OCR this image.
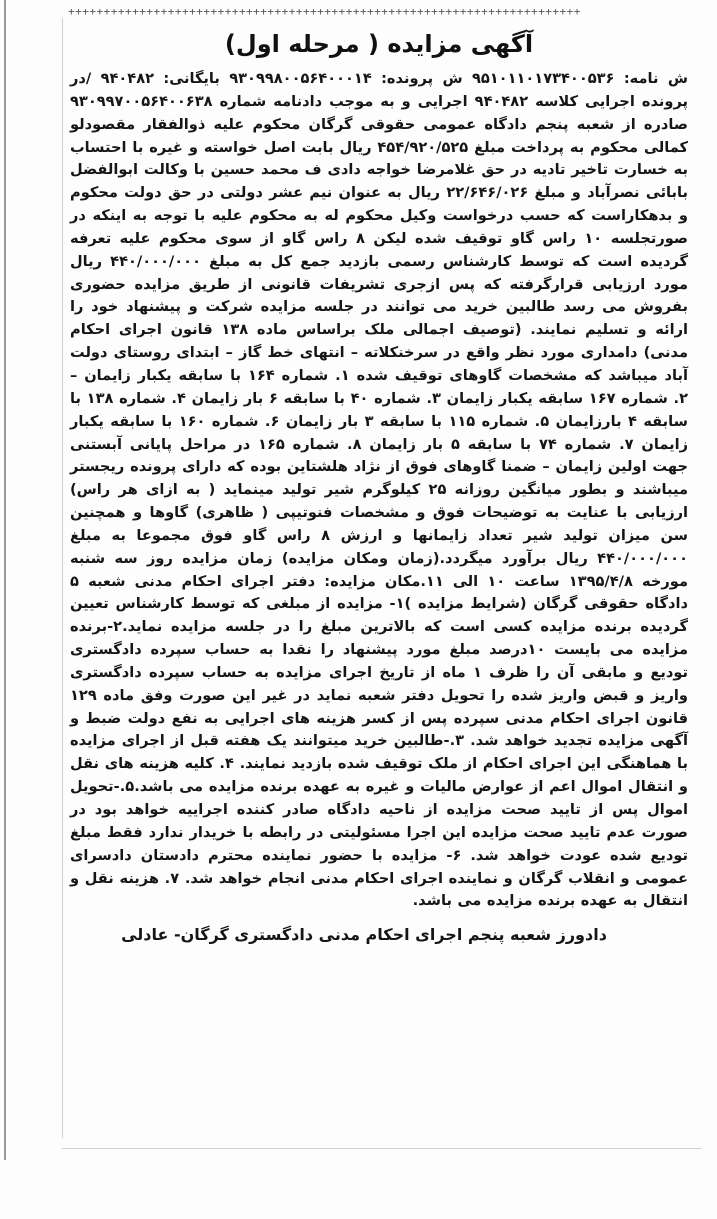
++++++++++++++++++++++++++++++++++++++++++++++++++++++++++++++++++++++++
آگهی مزایده ( مرحله اول)

ش نامه: ۹۵۱۰۱۱۰۱۷۳۴۰۰۵۳۶ ش پرونده: ۹۳۰۹۹۸۰۰۵۶۴۰۰۰۱۴ بایگانی: ۹۴۰۴۸۲ /در پرونده اجرایی کلاسه ۹۴۰۴۸۲ اجرایی و به موجب دادنامه شماره ۹۳۰۹۹۷۰۰۵۶۴۰۰۶۳۸ صادره از شعبه پنجم دادگاه عمومی حقوقی گرگان محکوم علیه ذوالفقار مقصودلو کمالی محکوم به پرداخت مبلغ ۴۵۴/۹۲۰/۵۲۵ ریال بابت اصل خواسته و غیره با احتساب به خسارت تاخیر تادیه در حق غلامرضا خواجه دادی ف محمد حسین با وکالت ابوالفضل بابائی نصرآباد و مبلغ ۲۲/۶۴۶/۰۲۶ ریال به عنوان نیم عشر دولتی در حق دولت محکوم و بدهکاراست که حسب درخواست وکیل محکوم له به محکوم علیه با توجه به اینکه در صورتجلسه ۱۰ راس گاو توقیف شده لیکن ۸ راس گاو از سوی محکوم علیه تعرفه گردیده است که توسط کارشناس رسمی بازدید جمع کل به مبلغ ۴۴۰/۰۰۰/۰۰۰ ریال مورد ارزیابی قرارگرفته که پس ازجری تشریفات قانونی از طریق مزایده حضوری بفروش می رسد طالبین خرید می توانند در جلسه مزایده شرکت و پیشنهاد خود را ارائه و تسلیم نمایند. (توصیف اجمالی ملک براساس ماده ۱۳۸ قانون اجرای احکام مدنی) دامداری مورد نظر واقع در سرخنکلاته – انتهای خط گاز – ابتدای روستای دولت آباد میباشد که مشخصات گاوهای توقیف شده ۱. شماره ۱۶۴ با سابقه یکبار زایمان – ۲. شماره ۱۶۷ سابقه یکبار زایمان ۳. شماره ۴۰ با سابقه ۶ بار زایمان ۴. شماره ۱۳۸ با سابقه ۴ بارزایمان ۵. شماره ۱۱۵ با سابقه ۳ بار زایمان ۶. شماره ۱۶۰ با سابقه یکبار زایمان ۷. شماره ۷۴ با سابقه ۵ بار زایمان ۸. شماره ۱۶۵ در مراحل پایانی آبستنی جهت اولین زایمان – ضمنا گاوهای فوق از نژاد هلشتاین بوده که دارای پرونده ریجستر میباشند و بطور میانگین روزانه ۲۵ کیلوگرم شیر تولید مینماید ( به ازای هر راس) ارزیابی با عنایت به توضیحات فوق و مشخصات فنوتیپی ( ظاهری) گاوها و همچنین سن میزان تولید شیر تعداد زایمانها و ارزش ۸ راس گاو فوق مجموعا به مبلغ ۴۴۰/۰۰۰/۰۰۰ ریال برآورد میگردد.(زمان ومکان مزایده) زمان مزایده روز سه شنبه مورخه ۱۳۹۵/۴/۸ ساعت ۱۰ الی ۱۱.مکان مزایده: دفتر اجرای احکام مدنی شعبه ۵ دادگاه حقوقی گرگان (شرایط مزایده )۱- مزایده از مبلغی که توسط کارشناس تعیین گردیده برنده مزایده کسی است که بالاترین مبلغ را در جلسه مزایده نماید.۲-برنده مزایده می بایست ۱۰درصد مبلغ مورد پیشنهاد را نقدا به حساب سپرده دادگستری تودیع و مابقی آن را ظرف ۱ ماه از تاریخ اجرای مزایده به حساب سپرده دادگستری واریز و قبض واریز شده را تحویل دفتر شعبه نماید در غیر این صورت وفق ماده ۱۲۹ قانون اجرای احکام مدنی سپرده پس از کسر هزینه های اجرایی به نفع دولت ضبط و آگهی مزایده تجدید خواهد شد. ۳.-طالبین خرید میتوانند یک هفته قبل از اجرای مزایده با هماهنگی این اجرای احکام از ملک توقیف شده بازدید نمایند. ۴. کلیه هزینه های نقل و انتقال اموال اعم از عوارض مالیات و غیره به عهده برنده مزایده می باشد.۵.-تحویل اموال پس از تایید صحت مزایده از ناحیه دادگاه صادر کننده اجراییه خواهد بود در صورت عدم تایید صحت مزایده این اجرا مسئولیتی در رابطه با خریدار ندارد فقط مبلغ تودیع شده عودت خواهد شد. ۶- مزایده با حضور نماینده محترم دادستان دادسرای عمومی و انقلاب گرگان و نماینده اجرای احکام مدنی انجام خواهد شد. ۷. هزینه نقل و انتقال به عهده برنده مزایده می باشد.

دادورز شعبه پنجم اجرای احکام مدنی دادگستری گرگان- عادلی
